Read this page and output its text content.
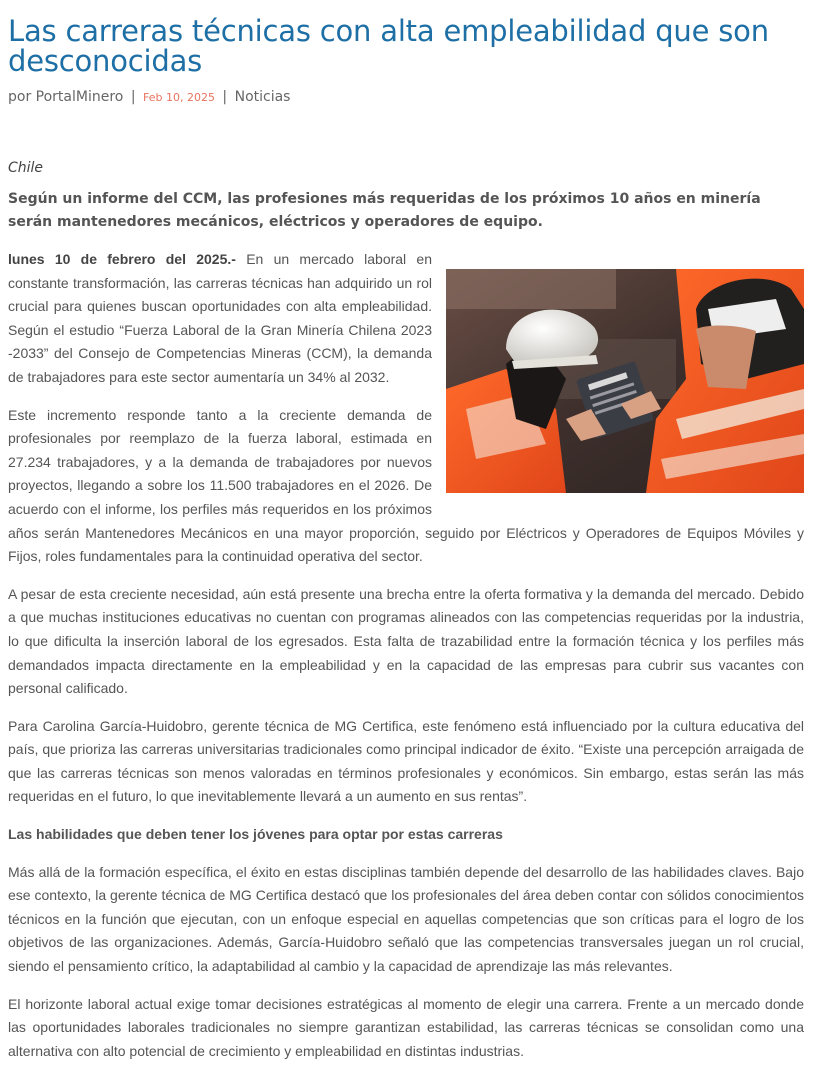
Las carreras técnicas con alta empleabilidad que son desconocidas
por PortalMinero | Feb 10, 2025 | Noticias
Chile

Según un informe del CCM, las profesiones más requeridas de los próximos 10 años en minería serán mantenedores mecánicos, eléctricos y operadores de equipo.

lunes 10 de febrero del 2025.- En un mercado laboral en constante transformación, las carreras técnicas han adquirido un rol crucial para quienes buscan oportunidades con alta empleabilidad. Según el estudio “Fuerza Laboral de la Gran Minería Chilena 2023 -2033” del Consejo de Competencias Mineras (CCM), la demanda de trabajadores para este sector aumentaría un 34% al 2032.

Este incremento responde tanto a la creciente demanda de profesionales por reemplazo de la fuerza laboral, estimada en 27.234 trabajadores, y a la demanda de trabajadores por nuevos proyectos, llegando a sobre los 11.500 trabajadores en el 2026. De acuerdo con el informe, los perfiles más requeridos en los próximos años serán Mantenedores Mecánicos en una mayor proporción, seguido por Eléctricos y Operadores de Equipos Móviles y Fijos, roles fundamentales para la continuidad operativa del sector.

A pesar de esta creciente necesidad, aún está presente una brecha entre la oferta formativa y la demanda del mercado. Debido a que muchas instituciones educativas no cuentan con programas alineados con las competencias requeridas por la industria, lo que dificulta la inserción laboral de los egresados. Esta falta de trazabilidad entre la formación técnica y los perfiles más demandados impacta directamente en la empleabilidad y en la capacidad de las empresas para cubrir sus vacantes con personal calificado.

Para Carolina García-Huidobro, gerente técnica de MG Certifica, este fenómeno está influenciado por la cultura educativa del país, que prioriza las carreras universitarias tradicionales como principal indicador de éxito. “Existe una percepción arraigada de que las carreras técnicas son menos valoradas en términos profesionales y económicos. Sin embargo, estas serán las más requeridas en el futuro, lo que inevitablemente llevará a un aumento en sus rentas”.

Las habilidades que deben tener los jóvenes para optar por estas carreras

Más allá de la formación específica, el éxito en estas disciplinas también depende del desarrollo de las habilidades claves. Bajo ese contexto, la gerente técnica de MG Certifica destacó que los profesionales del área deben contar con sólidos conocimientos técnicos en la función que ejecutan, con un enfoque especial en aquellas competencias que son críticas para el logro de los objetivos de las organizaciones. Además, García-Huidobro señaló que las competencias transversales juegan un rol crucial, siendo el pensamiento crítico, la adaptabilidad al cambio y la capacidad de aprendizaje las más relevantes.

El horizonte laboral actual exige tomar decisiones estratégicas al momento de elegir una carrera. Frente a un mercado donde las oportunidades laborales tradicionales no siempre garantizan estabilidad, las carreras técnicas se consolidan como una alternativa con alto potencial de crecimiento y empleabilidad en distintas industrias.
